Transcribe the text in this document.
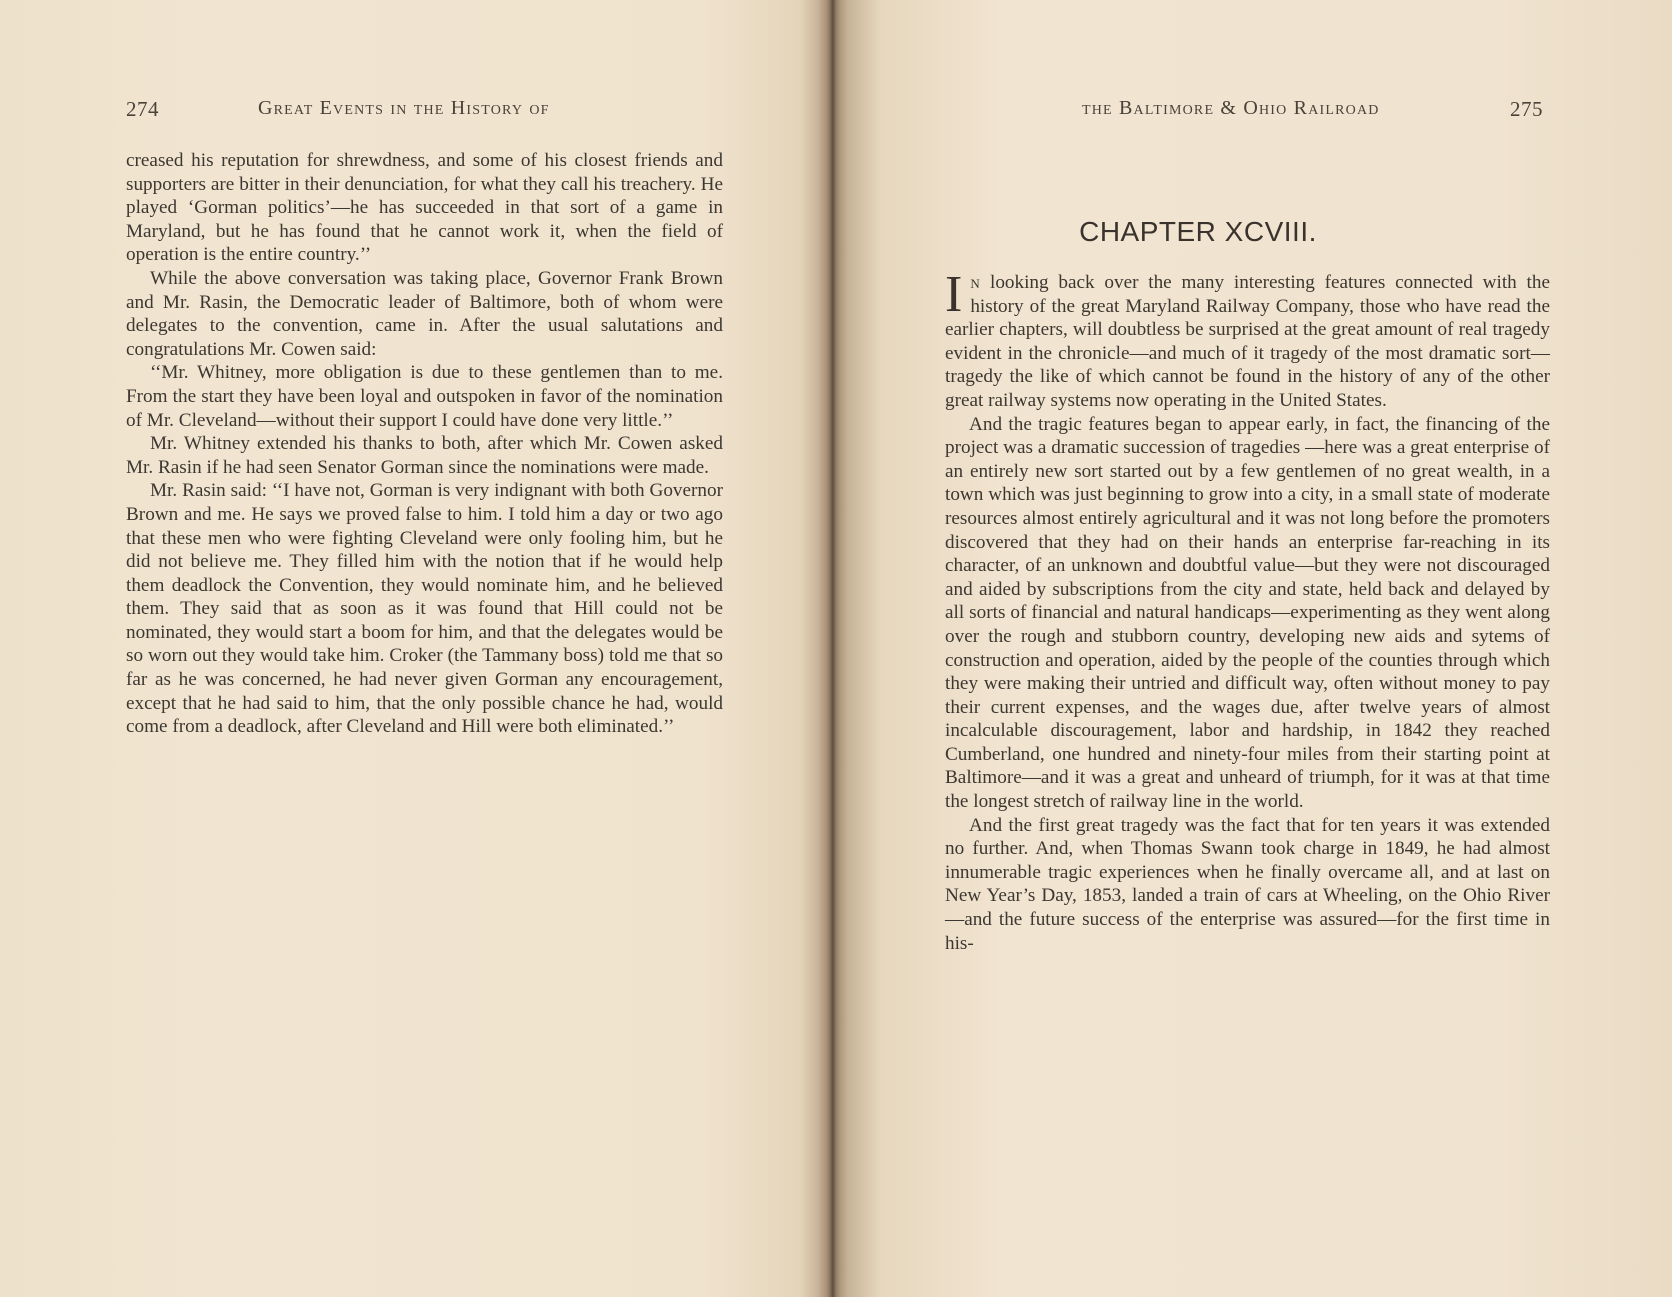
274	Great Events in the History of

creased his reputation for shrewdness, and some of his closest friends and supporters are bitter in their denunciation, for what they call his treachery. He played ‘Gorman politics’—he has succeeded in that sort of a game in Maryland, but he has found that he cannot work it, when the field of operation is the entire country.’’

While the above conversation was taking place, Governor Frank Brown and Mr. Rasin, the Democratic leader of Baltimore, both of whom were delegates to the convention, came in. After the usual salutations and congratulations Mr. Cowen said:

‘‘Mr. Whitney, more obligation is due to these gentlemen than to me. From the start they have been loyal and outspoken in favor of the nomination of Mr. Cleveland—without their support I could have done very little.’’

Mr. Whitney extended his thanks to both, after which Mr. Cowen asked Mr. Rasin if he had seen Senator Gorman since the nominations were made.

Mr. Rasin said: ‘‘I have not, Gorman is very indignant with both Governor Brown and me. He says we proved false to him. I told him a day or two ago that these men who were fighting Cleveland were only fooling him, but he did not believe me. They filled him with the notion that if he would help them deadlock the Convention, they would nominate him, and he believed them. They said that as soon as it was found that Hill could not be nominated, they would start a boom for him, and that the delegates would be so worn out they would take him. Croker (the Tammany boss) told me that so far as he was concerned, he had never given Gorman any encouragement, except that he had said to him, that the only possible chance he had, would come from a deadlock, after Cleveland and Hill were both eliminated.’’

the Baltimore & Ohio Railroad	275
CHAPTER XCVIII.

In looking back over the many interesting features connected with the history of the great Maryland Railway Company, those who have read the earlier chapters, will doubtless be surprised at the great amount of real tragedy evident in the chronicle—and much of it tragedy of the most dramatic sort—tragedy the like of which cannot be found in the history of any of the other great railway systems now operating in the United States.

And the tragic features began to appear early, in fact, the financing of the project was a dramatic succession of tragedies —here was a great enterprise of an entirely new sort started out by a few gentlemen of no great wealth, in a town which was just beginning to grow into a city, in a small state of moderate resources almost entirely agricultural and it was not long before the promoters discovered that they had on their hands an enterprise far-reaching in its character, of an unknown and doubtful value—but they were not discouraged and aided by subscriptions from the city and state, held back and delayed by all sorts of financial and natural handicaps—experimenting as they went along over the rough and stubborn country, developing new aids and sytems of construction and operation, aided by the people of the counties through which they were making their untried and difficult way, often without money to pay their current expenses, and the wages due, after twelve years of almost incalculable discouragement, labor and hardship, in 1842 they reached Cumberland, one hundred and ninety-four miles from their starting point at Baltimore—and it was a great and unheard of triumph, for it was at that time the longest stretch of railway line in the world.

And the first great tragedy was the fact that for ten years it was extended no further. And, when Thomas Swann took charge in 1849, he had almost innumerable tragic experiences when he finally overcame all, and at last on New Year’s Day, 1853, landed a train of cars at Wheeling, on the Ohio River—and the future success of the enterprise was assured—for the first time in his-
